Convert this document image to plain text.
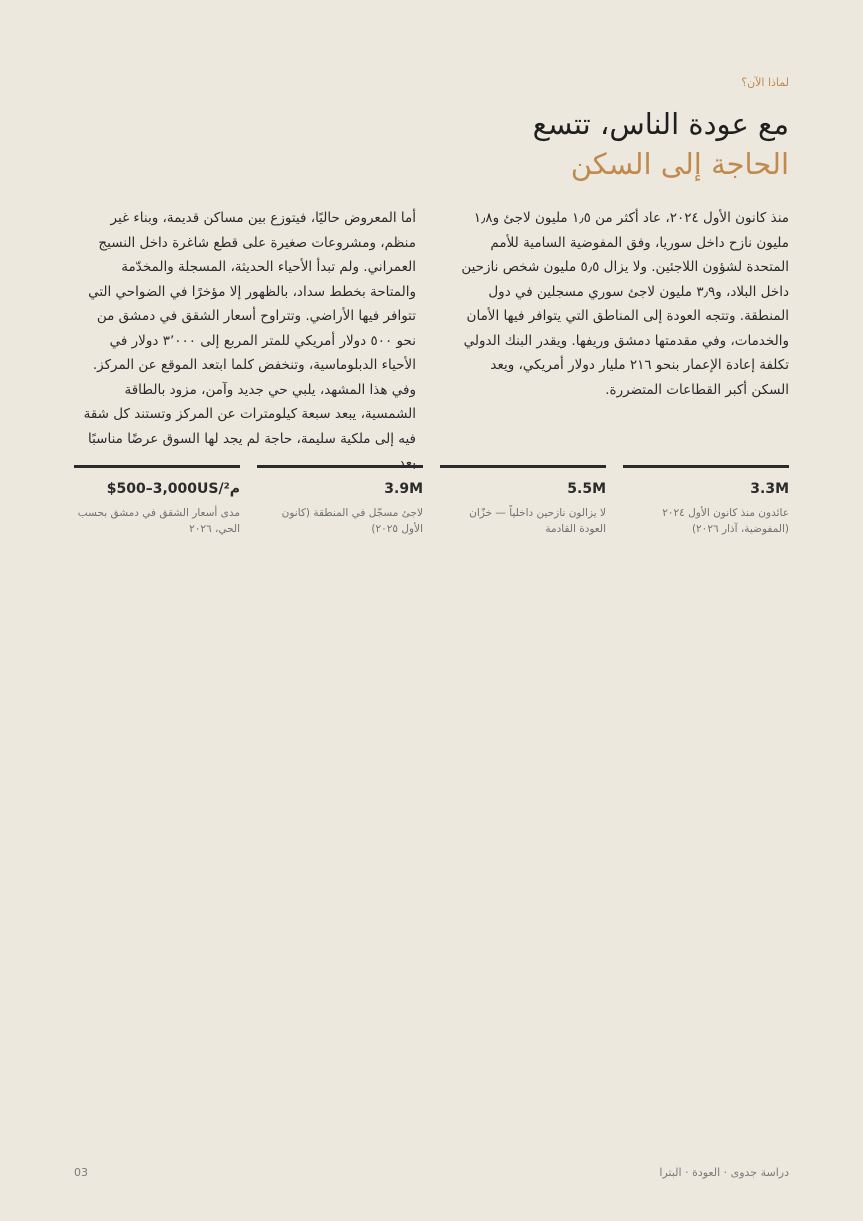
لماذا الآن؟
مع عودة الناس، تتسع
الحاجة إلى السكن

منذ كانون الأول ٢٠٢٤، عاد أكثر من ١٫٥ مليون لاجئ و١٫٨ مليون نازح داخل سوريا، وفق المفوضية السامية للأمم المتحدة لشؤون اللاجئين. ولا يزال ٥٫٥ مليون شخص نازحين داخل البلاد، و٣٫٩ مليون لاجئ سوري مسجلين في دول المنطقة. وتتجه العودة إلى المناطق التي يتوافر فيها الأمان والخدمات، وفي مقدمتها دمشق وريفها. ويقدر البنك الدولي تكلفة إعادة الإعمار بنحو ٢١٦ مليار دولار أمريكي، ويعد السكن أكبر القطاعات المتضررة.

أما المعروض حاليًا، فيتوزع بين مساكن قديمة، وبناء غير منظم، ومشروعات صغيرة على قطع شاغرة داخل النسيج العمراني. ولم تبدأ الأحياء الحديثة، المسجلة والمخدّمة والمتاحة بخطط سداد، بالظهور إلا مؤخرًا في الضواحي التي تتوافر فيها الأراضي. وتتراوح أسعار الشقق في دمشق من نحو ٥٠٠ دولار أمريكي للمتر المربع إلى ٣٬٠٠٠ دولار في الأحياء الدبلوماسية، وتنخفض كلما ابتعد الموقع عن المركز. وفي هذا المشهد، يلبي حي جديد وآمن، مزود بالطاقة الشمسية، يبعد سبعة كيلومترات عن المركز وتستند كل شقة فيه إلى ملكية سليمة، حاجة لم يجد لها السوق عرضًا مناسبًا بعد.

3.3M
عائدون منذ كانون الأول ٢٠٢٤ (المفوضية، آذار ٢٠٢٦)
5.5M
لا يزالون نازحين داخلياً — خزّان العودة القادمة
3.9M
لاجئ مسجّل في المنطقة (كانون الأول ٢٠٢٥)
$500–3,000US/م²
مدى أسعار الشقق في دمشق بحسب الحي، ٢٠٢٦
دراسة جدوى · العودة · البترا
03
